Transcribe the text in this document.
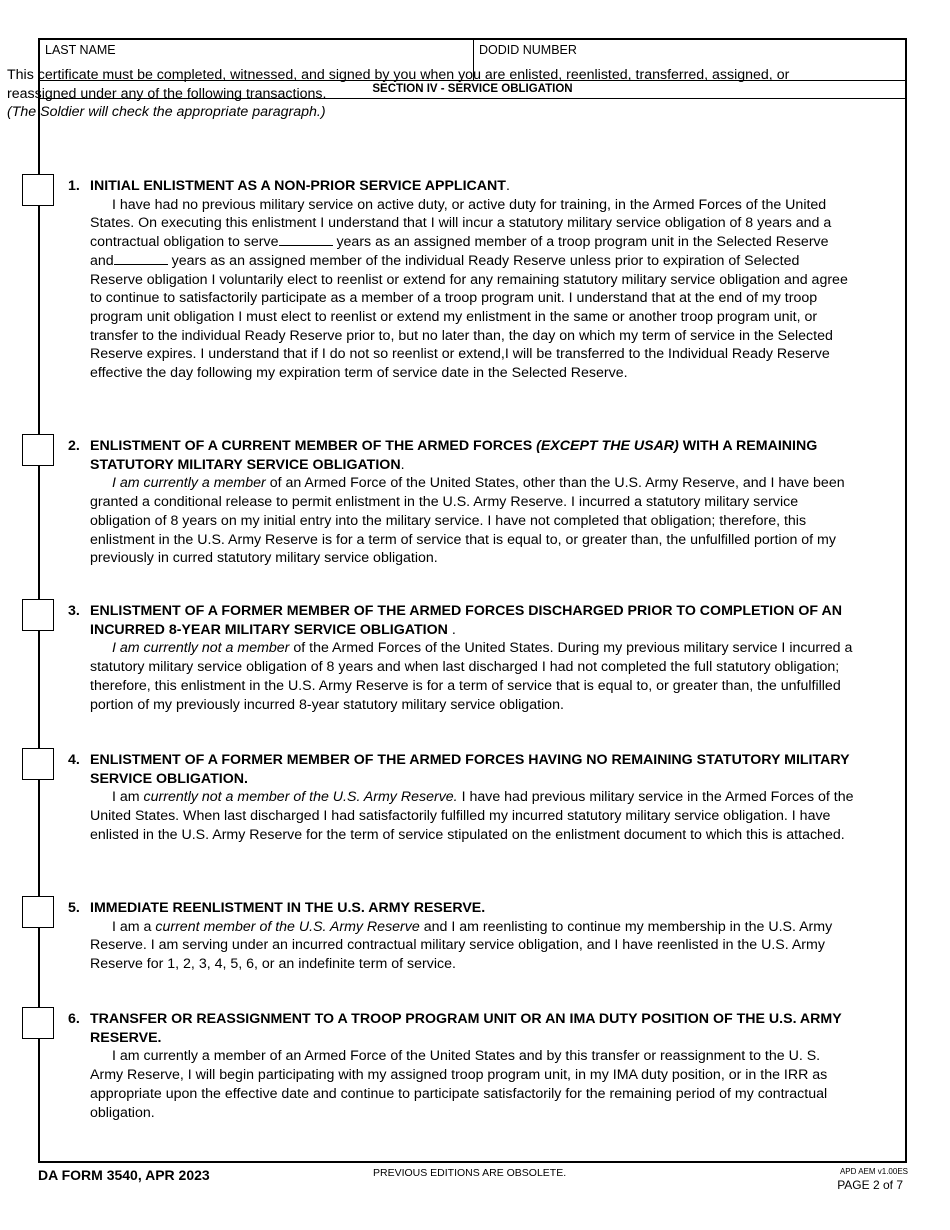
LAST NAME	DODID NUMBER
SECTION IV - SERVICE OBLIGATION
This certificate must be completed, witnessed, and signed by you when you are enlisted, reenlisted, transferred, assigned, or reassigned under any of the following transactions.
(The Soldier will check the appropriate paragraph.)
1. INITIAL ENLISTMENT AS A NON-PRIOR SERVICE APPLICANT.
I have had no previous military service on active duty, or active duty for training, in the Armed Forces of the United States. On executing this enlistment I understand that I will incur a statutory military service obligation of 8 years and a contractual obligation to serve	years as an assigned member of a troop program unit in the Selected Reserve and	years as an assigned member of the individual Ready Reserve unless prior to expiration of Selected Reserve obligation I voluntarily elect to reenlist or extend for any remaining statutory military service obligation and agree to continue to satisfactorily participate as a member of a troop program unit. I understand that at the end of my troop program unit obligation I must elect to reenlist or extend my enlistment in the same or another troop program unit, or transfer to the individual Ready Reserve prior to, but no later than, the day on which my term of service in the Selected Reserve expires. I understand that if I do not so reenlist or extend,I will be transferred to the Individual Ready Reserve effective the day following my expiration term of service date in the Selected Reserve.
2. ENLISTMENT OF A CURRENT MEMBER OF THE ARMED FORCES (EXCEPT THE USAR) WITH A REMAINING STATUTORY MILITARY SERVICE OBLIGATION.
I am currently a member of an Armed Force of the United States, other than the U.S. Army Reserve, and I have been granted a conditional release to permit enlistment in the U.S. Army Reserve. I incurred a statutory military service obligation of 8 years on my initial entry into the military service. I have not completed that obligation; therefore, this enlistment in the U.S. Army Reserve is for a term of service that is equal to, or greater than, the unfulfilled portion of my previously in curred statutory military service obligation.
3. ENLISTMENT OF A FORMER MEMBER OF THE ARMED FORCES DISCHARGED PRIOR TO COMPLETION OF AN INCURRED 8-YEAR MILITARY SERVICE OBLIGATION .
I am currently not a member of the Armed Forces of the United States. During my previous military service I incurred a statutory military service obligation of 8 years and when last discharged I had not completed the full statutory obligation; therefore, this enlistment in the U.S. Army Reserve is for a term of service that is equal to, or greater than, the unfulfilled portion of my previously incurred 8-year statutory military service obligation.
4. ENLISTMENT OF A FORMER MEMBER OF THE ARMED FORCES HAVING NO REMAINING STATUTORY MILITARY SERVICE OBLIGATION.
I am currently not a member of the U.S. Army Reserve. I have had previous military service in the Armed Forces of the United States. When last discharged I had satisfactorily fulfilled my incurred statutory military service obligation. I have enlisted in the U.S. Army Reserve for the term of service stipulated on the enlistment document to which this is attached.
5. IMMEDIATE REENLISTMENT IN THE U.S. ARMY RESERVE.
I am a current member of the U.S. Army Reserve and I am reenlisting to continue my membership in the U.S. Army Reserve. I am serving under an incurred contractual military service obligation, and I have reenlisted in the U.S. Army Reserve for 1, 2, 3, 4, 5, 6, or an indefinite term of service.
6. TRANSFER OR REASSIGNMENT TO A TROOP PROGRAM UNIT OR AN IMA DUTY POSITION OF THE U.S. ARMY RESERVE.
I am currently a member of an Armed Force of the United States and by this transfer or reassignment to the U. S. Army Reserve, I will begin participating with my assigned troop program unit, in my IMA duty position, or in the IRR as appropriate upon the effective date and continue to participate satisfactorily for the remaining period of my contractual obligation.
DA FORM 3540, APR 2023	PREVIOUS EDITIONS ARE OBSOLETE.	APD AEM v1.00ES
PAGE 2 of 7
